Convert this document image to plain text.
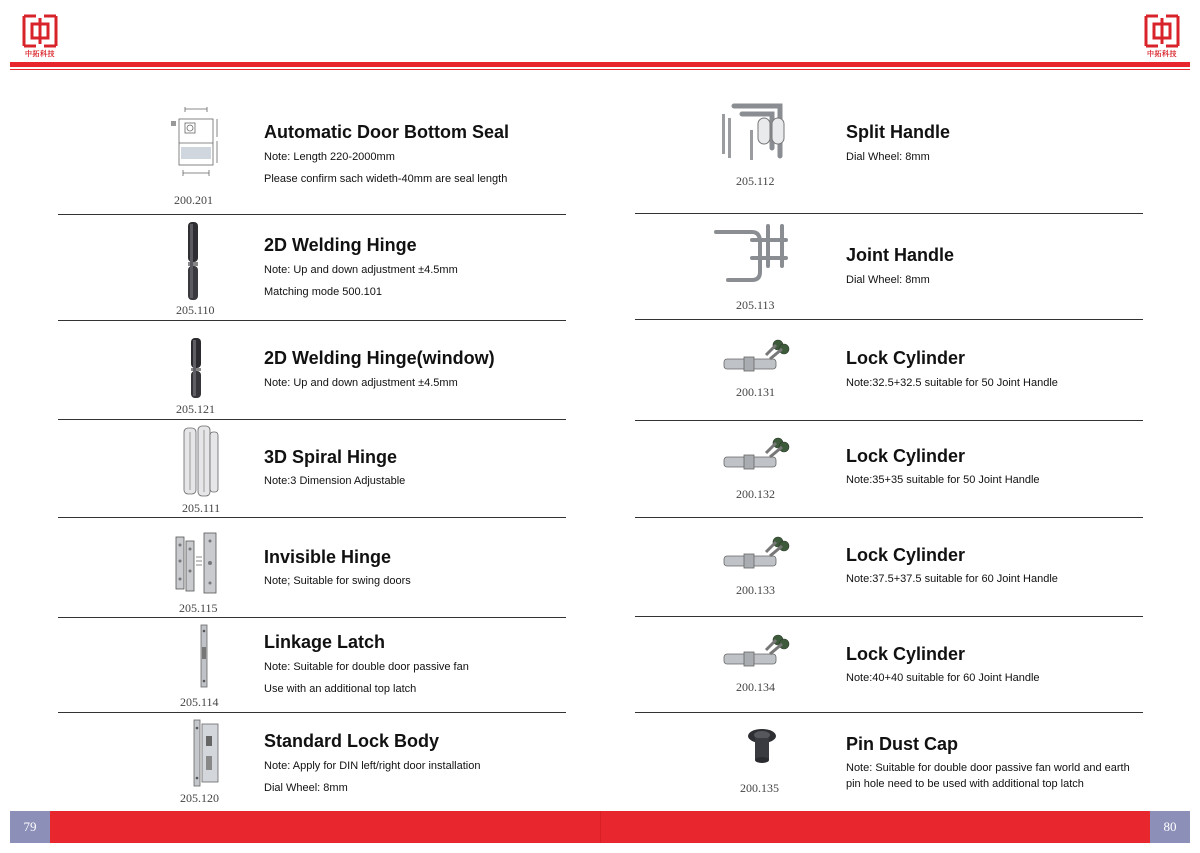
中拓科技	中拓科技
Automatic Door Bottom Seal
Note: Length 220-2000mm
Please confirm sach wideth-40mm are seal length
200.201
2D Welding Hinge
Note: Up and down adjustment ±4.5mm
Matching mode 500.101
205.110
2D Welding Hinge(window)
Note: Up and down adjustment ±4.5mm
205.121
3D Spiral Hinge
Note:3 Dimension Adjustable
205.111
Invisible Hinge
Note; Suitable for swing doors
205.115
Linkage Latch
Note: Suitable for double door passive fan
Use with an additional top latch
205.114
Standard Lock Body
Note: Apply for DIN left/right door installation
Dial Wheel: 8mm
205.120
Split Handle
Dial Wheel: 8mm
205.112
Joint Handle
Dial Wheel: 8mm
205.113
Lock Cylinder
Note:32.5+32.5 suitable for 50 Joint Handle
200.131
Lock Cylinder
Note:35+35 suitable for 50 Joint Handle
200.132
Lock Cylinder
Note:37.5+37.5 suitable for 60 Joint Handle
200.133
Lock Cylinder
Note:40+40 suitable for 60 Joint Handle
200.134
Pin Dust Cap
Note: Suitable for double door passive fan world and earth
pin hole need to be used with additional top latch
200.135
79	80
